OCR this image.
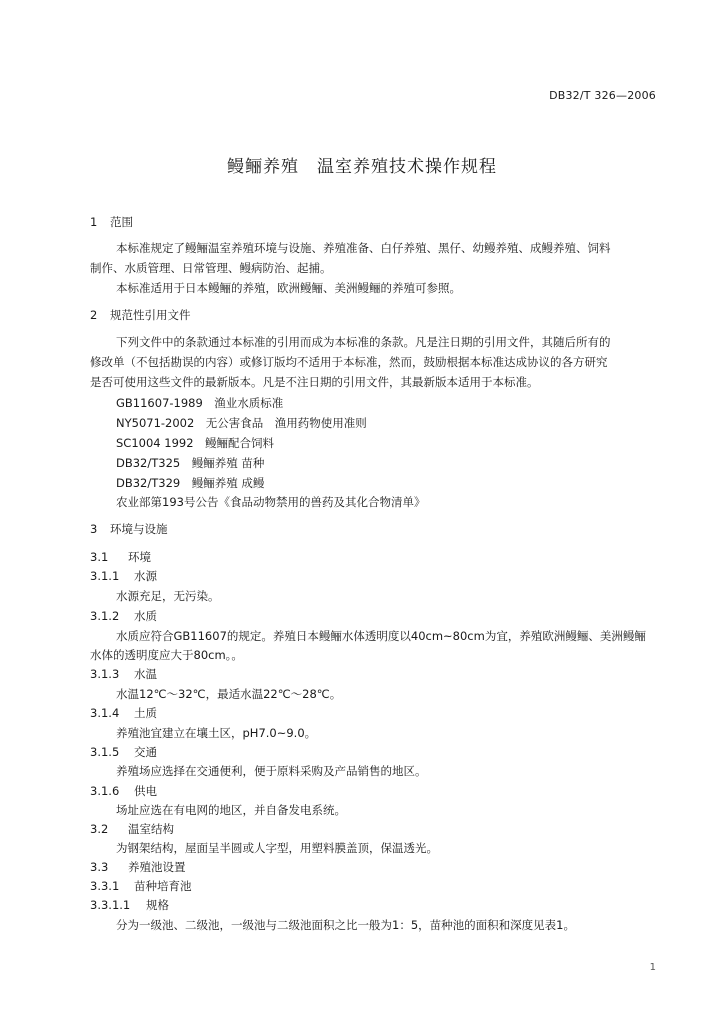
DB32/T 326—2006
鳗鲡养殖 温室养殖技术操作规程
1 范围
本标准规定了鳗鲡温室养殖环境与设施、养殖准备、白仔养殖、黑仔、幼鳗养殖、成鳗养殖、饲料
制作、水质管理、日常管理、鳗病防治、起捕。
本标准适用于日本鳗鲡的养殖，欧洲鳗鲡、美洲鳗鲡的养殖可参照。
2 规范性引用文件
下列文件中的条款通过本标准的引用而成为本标准的条款。凡是注日期的引用文件，其随后所有的
修改单（不包括勘误的内容）或修订版均不适用于本标准，然而，鼓励根据本标准达成协议的各方研究
是否可使用这些文件的最新版本。凡是不注日期的引用文件，其最新版本适用于本标准。
GB11607-1989　渔业水质标准
NY5071-2002　无公害食品　渔用药物使用准则
SC1004 1992　鳗鲡配合饲料
DB32/T325　鳗鲡养殖 苗种
DB32/T329　鳗鲡养殖 成鳗
农业部第193号公告《食品动物禁用的兽药及其化合物清单》
3 环境与设施
3.1 环境
3.1.1 水源
水源充足，无污染。
3.1.2 水质
水质应符合GB11607的规定。养殖日本鳗鲡水体透明度以40cm~80cm为宜，养殖欧洲鳗鲡、美洲鳗鲡
水体的透明度应大于80cm。。
3.1.3 水温
水温12℃～32℃，最适水温22℃～28℃。
3.1.4 土质
养殖池宜建立在壤土区，pH7.0~9.0。
3.1.5 交通
养殖场应选择在交通便利，便于原料采购及产品销售的地区。
3.1.6 供电
场址应选在有电网的地区，并自备发电系统。
3.2 温室结构
为钢架结构，屋面呈半圆或人字型，用塑料膜盖顶，保温透光。
3.3 养殖池设置
3.3.1 苗种培育池
3.3.1.1 规格
分为一级池、二级池，一级池与二级池面积之比一般为1：5，苗种池的面积和深度见表1。
1
